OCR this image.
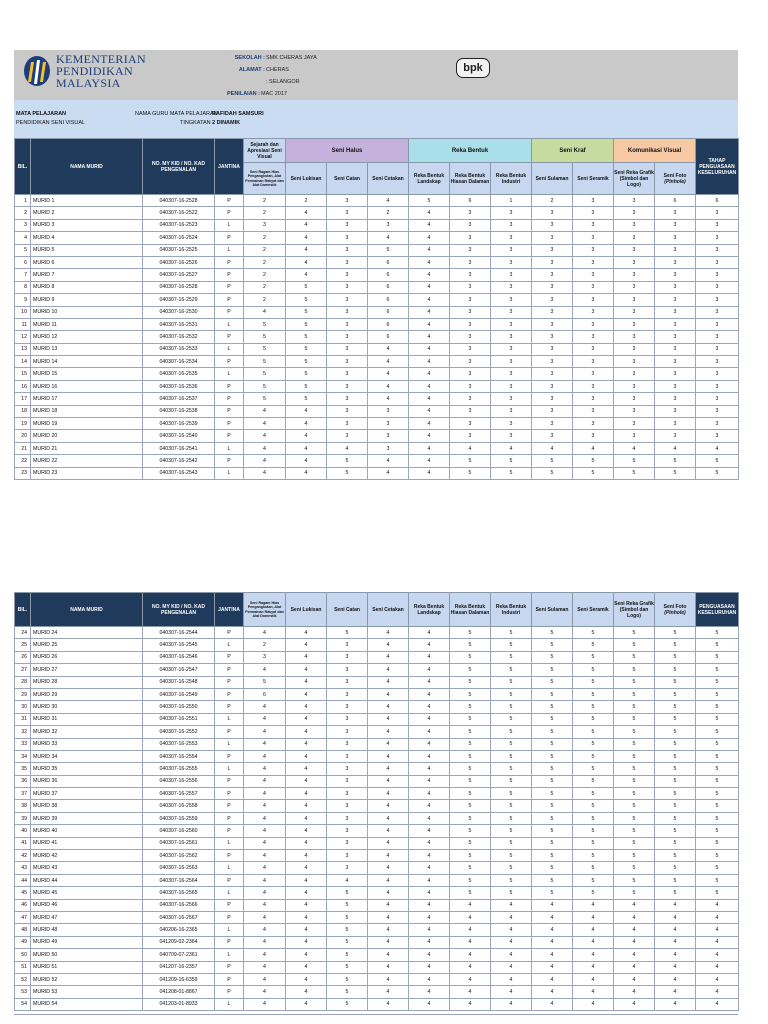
KEMENTERIAN
PENDIDIKAN
MALAYSIA
SEKOLAH : SMK CHERAS JAYA
ALAMAT : CHERAS
: SELANGOR
PENILAIAN : MAC 2017
bpk
MATA PELAJARAN
PENDIDIKAN SENI VISUAL
NAMA GURU MATA PELAJARAN
RAFIDAH SAMSURI
TINGKATAN 2 DINAMIK
BIL.	NAMA MURID	NO. MY KID / NO. KAD PENGENALAN	JANTINA	Sejarah dan Apresiasi Seni Visual	Seni Halus			Reka Bentuk			Seni Kraf		Komunikasi Visual		TAHAP PENGUASAAN KESELURUHAN
				Seni Ragam Hias Pengangkutan, Alat Permainan Rakyat dan Alat Domestik	Seni Lukisan	Seni Catan	Seni Cetakan	Reka Bentuk Landskap	Reka Bentuk Hiasan Dalaman	Reka Bentuk Industri	Seni Sulaman	Seni Seramik	Seni Reka Grafik (Simbol dan Logo)	Seni Foto
(Pinhole)	
1	MURID 1	040307-16-2528	P	2	2	3	4	5	6	1	2	3	3	6	6
2	MURID 2	040307-16-2522	P	2	4	3	2	4	3	3	3	3	3	3	3
3	MURID 3	040307-16-2523	L	3	4	3	3	4	3	3	3	3	3	3	3
4	MURID 4	040307-16-2524	P	2	4	3	4	4	3	3	3	3	3	3	3
5	MURID 5	040307-16-2525	L	2	4	3	5	4	3	3	3	3	3	3	3
6	MURID 6	040307-16-2526	P	2	4	3	6	4	3	3	3	3	3	3	3
7	MURID 7	040307-16-2527	P	2	4	3	6	4	3	3	3	3	3	3	3
8	MURID 8	040307-16-2528	P	2	5	3	6	4	3	3	3	3	3	3	3
9	MURID 9	040307-16-2529	P	2	5	3	6	4	3	3	3	3	3	3	3
10	MURID 10	040307-16-2530	P	4	5	3	6	4	3	3	3	3	3	3	3
11	MURID 11	040307-16-2531	L	5	5	3	6	4	3	3	3	3	3	3	3
12	MURID 12	040307-16-2532	P	5	5	3	6	4	3	3	3	3	3	3	3
13	MURID 13	040307-16-2533	L	5	5	3	4	4	3	3	3	3	3	3	3
14	MURID 14	040307-16-2534	P	5	5	3	4	4	3	3	3	3	3	3	3
15	MURID 15	040307-16-2535	L	5	5	3	4	4	3	3	3	3	3	3	3
16	MURID 16	040307-16-2536	P	5	5	3	4	4	3	3	3	3	3	3	3
17	MURID 17	040307-16-2537	P	5	5	3	4	4	3	3	3	3	3	3	3
18	MURID 18	040307-16-2538	P	4	4	3	3	4	3	3	3	3	3	3	3
19	MURID 19	040307-16-2539	P	4	4	3	3	4	3	3	3	3	3	3	3
20	MURID 20	040307-16-2540	P	4	4	3	3	4	3	3	3	3	3	3	3
21	MURID 21	040307-16-2541	L	4	4	4	3	4	4	4	4	4	4	4	4
22	MURID 22	040307-16-2542	P	4	4	5	4	4	5	5	5	5	5	5	5
23	MURID 23	040307-16-2543	L	4	4	5	4	4	5	5	5	5	5	5	5
BIL.	NAMA MURID	NO. MY KID / NO. KAD PENGENALAN	JANTINA	Seni Ragam Hias Pengangkutan, Alat Permainan Rakyat dan Alat Domestik	Seni Lukisan	Seni Catan	Seni Cetakan	Reka Bentuk Landskap	Reka Bentuk Hiasan Dalaman	Reka Bentuk Industri	Seni Sulaman	Seni Seramik	Seni Reka Grafik (Simbol dan Logo)	Seni Foto
(Pinhole)	PENGUASAAN KESELURUHAN
24	MURID 24	040307-16-2544	P	4	4	5	4	4	5	5	5	5	5	5	5
25	MURID 25	040307-16-2545	L	2	4	3	4	4	5	5	5	5	5	5	5
26	MURID 26	040307-16-2546	P	3	4	3	4	4	5	5	5	5	5	5	5
27	MURID 27	040307-16-2547	P	4	4	3	4	4	5	5	5	5	5	5	5
28	MURID 28	040307-16-2548	P	5	4	3	4	4	5	5	5	5	5	5	5
29	MURID 29	040307-16-2549	P	6	4	3	4	4	5	5	5	5	5	5	5
30	MURID 30	040307-16-2550	P	4	4	3	4	4	5	5	5	5	5	5	5
31	MURID 31	040307-16-2551	L	4	4	3	4	4	5	5	5	5	5	5	5
32	MURID 32	040307-16-2552	P	4	4	3	4	4	5	5	5	5	5	5	5
33	MURID 33	040307-16-2553	L	4	4	3	4	4	5	5	5	5	5	5	5
34	MURID 34	040307-16-2554	P	4	4	3	4	4	5	5	5	5	5	5	5
35	MURID 35	040307-16-2555	L	4	4	3	4	4	5	5	5	5	5	5	5
36	MURID 36	040307-16-2556	P	4	4	3	4	4	5	5	5	5	5	5	5
37	MURID 37	040307-16-2557	P	4	4	3	4	4	5	5	5	5	5	5	5
38	MURID 38	040307-16-2558	P	4	4	3	4	4	5	5	5	5	5	5	5
39	MURID 39	040307-16-2559	P	4	4	3	4	4	5	5	5	5	5	5	5
40	MURID 40	040307-16-2560	P	4	4	3	4	4	5	5	5	5	5	5	5
41	MURID 41	040307-16-2561	L	4	4	3	4	4	5	5	5	5	5	5	5
42	MURID 42	040307-16-2562	P	4	4	3	4	4	5	5	5	5	5	5	5
43	MURID 43	040307-16-2563	L	4	4	3	4	4	5	5	5	5	5	5	5
44	MURID 44	040307-16-2564	P	4	4	4	4	4	5	5	5	5	5	5	5
45	MURID 45	040307-16-2565	L	4	4	5	4	4	5	5	5	5	5	5	5
46	MURID 46	040307-16-2566	P	4	4	5	4	4	4	4	4	4	4	4	4
47	MURID 47	040307-16-2567	P	4	4	5	4	4	4	4	4	4	4	4	4
48	MURID 48	040206-16-2365	L	4	4	5	4	4	4	4	4	4	4	4	4
49	MURID 49	041209-02-2364	P	4	4	5	4	4	4	4	4	4	4	4	4
50	MURID 50	040709-07-2361	L	4	4	5	4	4	4	4	4	4	4	4	4
51	MURID 51	041207-16-2357	P	4	4	5	4	4	4	4	4	4	4	4	4
52	MURID 52	041209-16-6359	P	4	4	5	4	4	4	4	4	4	4	4	4
53	MURID 53	041208-01-8867	P	4	4	5	4	4	4	4	4	4	4	4	4
54	MURID 54	041203-01-8933	L	4	4	5	4	4	4	4	4	4	4	4	4
